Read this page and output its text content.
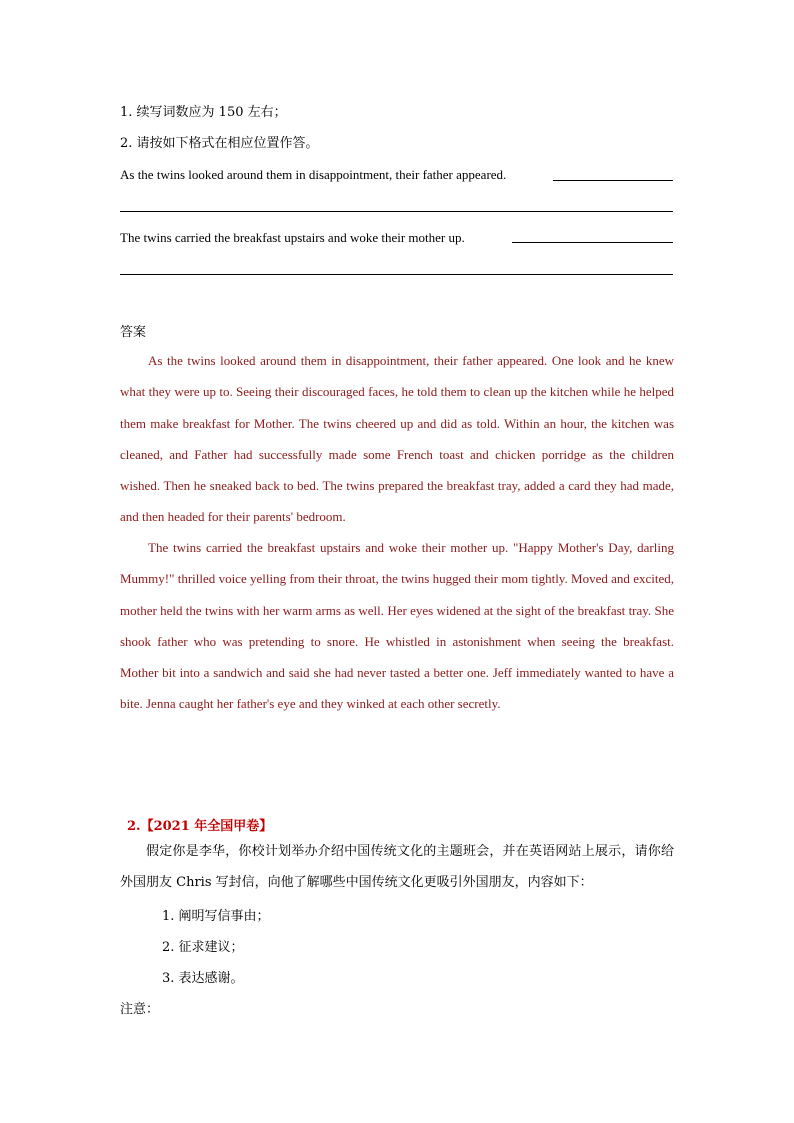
1. 续写词数应为 150 左右；
2. 请按如下格式在相应位置作答。
As the twins looked around them in disappointment, their father appeared.
The twins carried the breakfast upstairs and woke their mother up.
答案

As the twins looked around them in disappointment, their father appeared. One look and he knew what they were up to. Seeing their discouraged faces, he told them to clean up the kitchen while he helped them make breakfast for Mother. The twins cheered up and did as told. Within an hour, the kitchen was cleaned, and Father had successfully made some French toast and chicken porridge as the children wished. Then he sneaked back to bed. The twins prepared the breakfast tray, added a card they had made, and then headed for their parents' bedroom.

The twins carried the breakfast upstairs and woke their mother up. "Happy Mother's Day, darling Mummy!" thrilled voice yelling from their throat, the twins hugged their mom tightly. Moved and excited, mother held the twins with her warm arms as well. Her eyes widened at the sight of the breakfast tray. She shook father who was pretending to snore. He whistled in astonishment when seeing the breakfast. Mother bit into a sandwich and said she had never tasted a better one. Jeff immediately wanted to have a bite. Jenna caught her father's eye and they winked at each other secretly.

2.【2021 年全国甲卷】

假定你是李华，你校计划举办介绍中国传统文化的主题班会，并在英语网站上展示，请你给外国朋友 Chris 写封信，向他了解哪些中国传统文化更吸引外国朋友，内容如下：

1. 阐明写信事由；
2. 征求建议；
3. 表达感谢。
注意：
